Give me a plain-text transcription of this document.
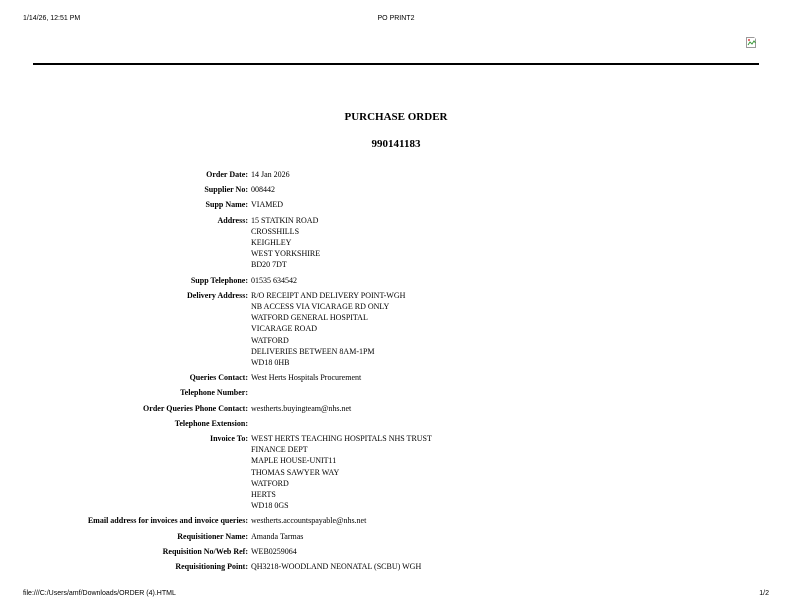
1/14/26, 12:51 PM	PO PRINT2
PURCHASE ORDER
990141183
Order Date: 14 Jan 2026
Supplier No: 008442
Supp Name: VIAMED
Address: 15 STATKIN ROAD
CROSSHILLS
KEIGHLEY
WEST YORKSHIRE
BD20 7DT
Supp Telephone: 01535 634542
Delivery Address: R/O RECEIPT AND DELIVERY POINT-WGH
NB ACCESS VIA VICARAGE RD ONLY
WATFORD GENERAL HOSPITAL
VICARAGE ROAD
WATFORD
DELIVERIES BETWEEN 8AM-1PM
WD18 0HB
Queries Contact: West Herts Hospitals Procurement
Telephone Number:
Order Queries Phone Contact: westherts.buyingteam@nhs.net
Telephone Extension:
Invoice To: WEST HERTS TEACHING HOSPITALS NHS TRUST
FINANCE DEPT
MAPLE HOUSE-UNIT11
THOMAS SAWYER WAY
WATFORD
HERTS
WD18 0GS
Email address for invoices and invoice queries: westherts.accountspayable@nhs.net
Requisitioner Name: Amanda Tarmas
Requisition No/Web Ref: WEB0259064
Requisitioning Point: QH3218-WOODLAND NEONATAL (SCBU) WGH
file:///C:/Users/amf/Downloads/ORDER (4).HTML	1/2
